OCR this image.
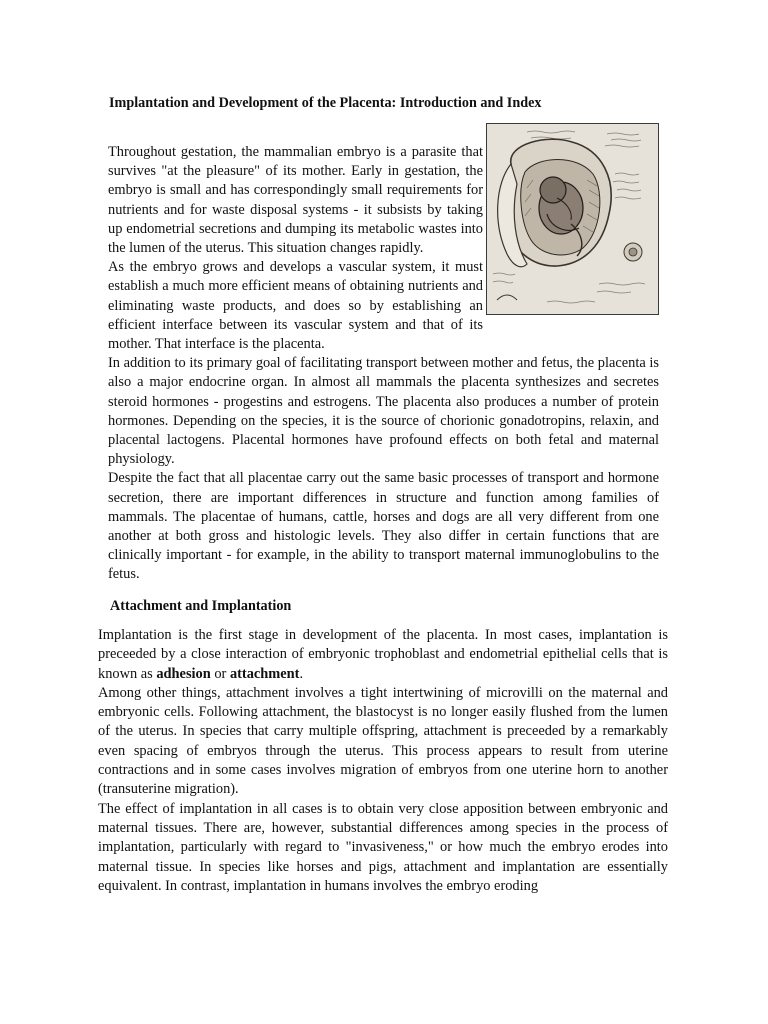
Implantation and Development of the Placenta: Introduction and Index

Throughout gestation, the mammalian embryo is a parasite that survives "at the pleasure" of its mother. Early in gestation, the embryo is small and has correspondingly small requirements for nutrients and for waste disposal systems - it subsists by taking up endometrial secretions and dumping its metabolic wastes into the lumen of the uterus. This situation changes rapidly.

As the embryo grows and develops a vascular system, it must establish a much more efficient means of obtaining nutrients and eliminating waste products, and does so by establishing an efficient interface between its vascular system and that of its mother. That interface is the placenta.

In addition to its primary goal of facilitating transport between mother and fetus, the placenta is also a major endocrine organ. In almost all mammals the placenta synthesizes and secretes steroid hormones - progestins and estrogens. The placenta also produces a number of protein hormones. Depending on the species, it is the source of chorionic gonadotropins, relaxin, and placental lactogens. Placental hormones have profound effects on both fetal and maternal physiology.

Despite the fact that all placentae carry out the same basic processes of transport and hormone secretion, there are important differences in structure and function among families of mammals. The placentae of humans, cattle, horses and dogs are all very different from one another at both gross and histologic levels. They also differ in certain functions that are clinically important - for example, in the ability to transport maternal immunoglobulins to the fetus.

Attachment and Implantation

Implantation is the first stage in development of the placenta. In most cases, implantation is preceeded by a close interaction of embryonic trophoblast and endometrial epithelial cells that is known as adhesion or attachment.

Among other things, attachment involves a tight intertwining of microvilli on the maternal and embryonic cells. Following attachment, the blastocyst is no longer easily flushed from the lumen of the uterus. In species that carry multiple offspring, attachment is preceeded by a remarkably even spacing of embryos through the uterus. This process appears to result from uterine contractions and in some cases involves migration of embryos from one uterine horn to another (transuterine migration).

The effect of implantation in all cases is to obtain very close apposition between embryonic and maternal tissues. There are, however, substantial differences among species in the process of implantation, particularly with regard to "invasiveness," or how much the embryo erodes into maternal tissue. In species like horses and pigs, attachment and implantation are essentially equivalent. In contrast, implantation in humans involves the embryo eroding
